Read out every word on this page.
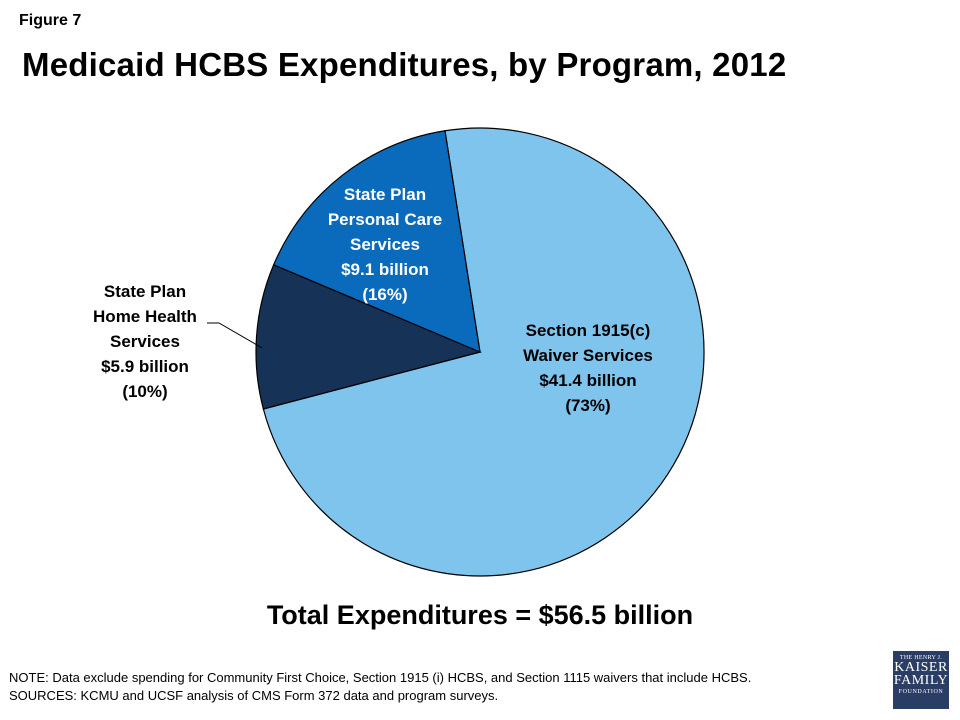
Figure 7
Medicaid HCBS Expenditures, by Program, 2012
Section 1915(c) Waiver Services $41.4 billion (73%)
State Plan Home Health Services $5.9 billion (10%)
State Plan Personal Care Services $9.1 billion (16%)
Total Expenditures = $56.5 billion
NOTE: Data exclude spending for Community First Choice, Section 1915 (i) HCBS, and Section 1115 waivers that include HCBS.
SOURCES: KCMU and UCSF analysis of CMS Form 372 data and program surveys.
THE HENRY J.
KAISER
FAMILY
FOUNDATION
